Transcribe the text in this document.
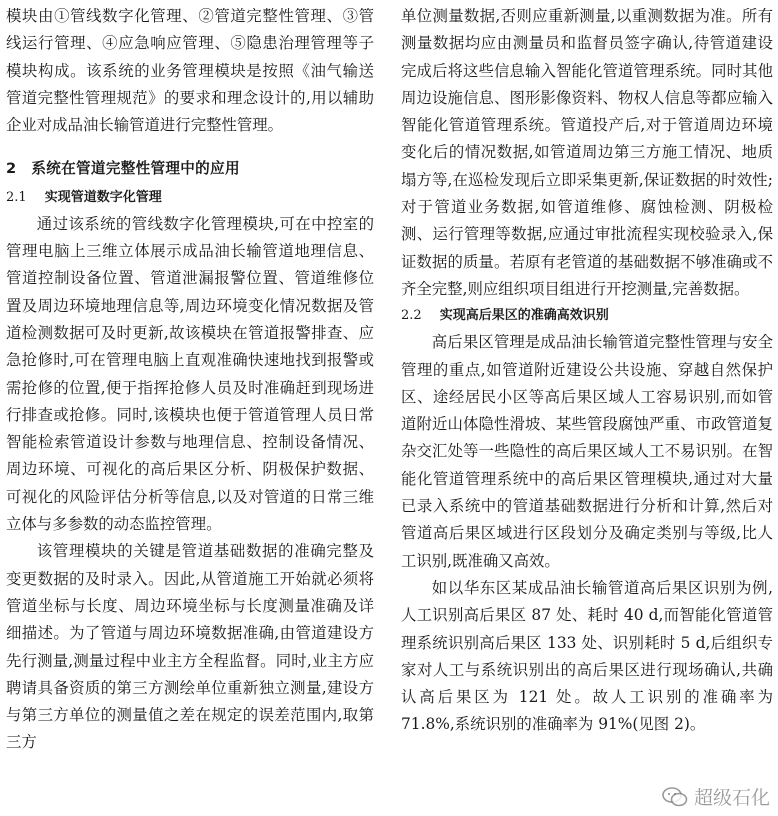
模块由①管线数字化管理、②管道完整性管理、③管线运行管理、④应急响应管理、⑤隐患治理管理等子模块构成。该系统的业务管理模块是按照《油气输送管道完整性管理规范》的要求和理念设计的,用以辅助企业对成品油长输管道进行完整性管理。

2　系统在管道完整性管理中的应用

2.1 实现管道数字化管理

通过该系统的管线数字化管理模块,可在中控室的管理电脑上三维立体展示成品油长输管道地理信息、管道控制设备位置、管道泄漏报警位置、管道维修位置及周边环境地理信息等,周边环境变化情况数据及管道检测数据可及时更新,故该模块在管道报警排查、应急抢修时,可在管理电脑上直观准确快速地找到报警或需抢修的位置,便于指挥抢修人员及时准确赶到现场进行排查或抢修。同时,该模块也便于管道管理人员日常智能检索管道设计参数与地理信息、控制设备情况、周边环境、可视化的高后果区分析、阴极保护数据、可视化的风险评估分析等信息,以及对管道的日常三维立体与多参数的动态监控管理。

该管理模块的关键是管道基础数据的准确完整及变更数据的及时录入。因此,从管道施工开始就必须将管道坐标与长度、周边环境坐标与长度测量准确及详细描述。为了管道与周边环境数据准确,由管道建设方先行测量,测量过程中业主方全程监督。同时,业主方应聘请具备资质的第三方测绘单位重新独立测量,建设方与第三方单位的测量值之差在规定的误差范围内,取第三方

单位测量数据,否则应重新测量,以重测数据为准。所有测量数据均应由测量员和监督员签字确认,待管道建设完成后将这些信息输入智能化管道管理系统。同时其他周边设施信息、图形影像资料、物权人信息等都应输入智能化管道管理系统。管道投产后,对于管道周边环境变化后的情况数据,如管道周边第三方施工情况、地质塌方等,在巡检发现后立即采集更新,保证数据的时效性;对于管道业务数据,如管道维修、腐蚀检测、阴极检测、运行管理等数据,应通过审批流程实现校验录入,保证数据的质量。若原有老管道的基础数据不够准确或不齐全完整,则应组织项目组进行开挖测量,完善数据。

2.2 实现高后果区的准确高效识别

高后果区管理是成品油长输管道完整性管理与安全管理的重点,如管道附近建设公共设施、穿越自然保护区、途经居民小区等高后果区域人工容易识别,而如管道附近山体隐性滑坡、某些管段腐蚀严重、市政管道复杂交汇处等一些隐性的高后果区域人工不易识别。在智能化管道管理系统中的高后果区管理模块,通过对大量已录入系统中的管道基础数据进行分析和计算,然后对管道高后果区域进行区段划分及确定类别与等级,比人工识别,既准确又高效。

如以华东区某成品油长输管道高后果区识别为例,人工识别高后果区 87 处、耗时 40 d,而智能化管道管理系统识别高后果区 133 处、识别耗时 5 d,后组织专家对人工与系统识别出的高后果区进行现场确认,共确认高后果区为 121 处。故人工识别的准确率为 71.8%,系统识别的准确率为 91%(见图 2)。

超级石化
